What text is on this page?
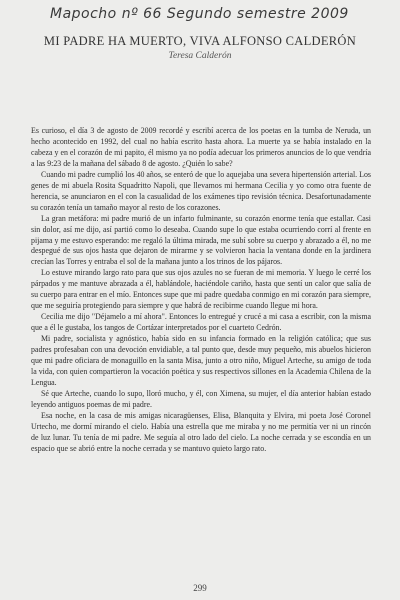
Mapocho nº 66 Segundo semestre 2009
MI PADRE HA MUERTO, VIVA ALFONSO CALDERÓN
Teresa Calderón

Es curioso, el día 3 de agosto de 2009 recordé y escribí acerca de los poetas en la tumba de Neruda, un hecho acontecido en 1992, del cual no había escrito hasta ahora. La muerte ya se había instalado en la cabeza y en el corazón de mi papito, él mismo ya no podía adecuar los primeros anuncios de lo que vendría a las 9:23 de la mañana del sábado 8 de agosto. ¿Quién lo sabe?

Cuando mi padre cumplió los 40 años, se enteró de que lo aquejaba una severa hipertensión arterial. Los genes de mi abuela Rosita Squadritto Napoli, que llevamos mi hermana Cecilia y yo como otra fuente de herencia, se anunciaron en el con la casualidad de los exámenes tipo revisión técnica. Desafortunadamente su corazón tenía un tamaño mayor al resto de los corazones.

La gran metáfora: mi padre murió de un infarto fulminante, su corazón enorme tenía que estallar. Casi sin dolor, así me dijo, así partió como lo deseaba. Cuando supe lo que estaba ocurriendo corrí al frente en pijama y me estuvo esperando: me regaló la última mirada, me subí sobre su cuerpo y abrazado a él, no me despegué de sus ojos hasta que dejaron de mirarme y se volvieron hacia la ventana donde en la jardinera crecían las Torres y entraba el sol de la mañana junto a los trinos de los pájaros.

Lo estuve mirando largo rato para que sus ojos azules no se fueran de mi memoria. Y luego le cerré los párpados y me mantuve abrazada a él, hablándole, haciéndole cariño, hasta que sentí un calor que salía de su cuerpo para entrar en el mío. Entonces supe que mi padre quedaba conmigo en mi corazón para siempre, que me seguiría protegiendo para siempre y que habrá de recibirme cuando llegue mi hora.

Cecilia me dijo "Déjamelo a mí ahora". Entonces lo entregué y crucé a mi casa a escribir, con la misma que a él le gustaba, los tangos de Cortázar interpretados por el cuarteto Cedrón.

Mi padre, socialista y agnóstico, había sido en su infancia formado en la religión católica; que sus padres profesaban con una devoción envidiable, a tal punto que, desde muy pequeño, mis abuelos hicieron que mi padre oficiara de monaguillo en la santa Misa, junto a otro niño, Miguel Arteche, su amigo de toda la vida, con quien compartieron la vocación poética y sus respectivos sillones en la Academia Chilena de la Lengua.

Sé que Arteche, cuando lo supo, lloró mucho, y él, con Ximena, su mujer, el día anterior habían estado leyendo antiguos poemas de mi padre.

Esa noche, en la casa de mis amigas nicaragüenses, Elisa, Blanquita y Elvira, mi poeta José Coronel Urtecho, me dormí mirando el cielo. Había una estrella que me miraba y no me permitía ver ni un rincón de luz lunar. Tu tenía de mi padre. Me seguía al otro lado del cielo. La noche cerrada y se escondía en un espacio que se abrió entre la noche cerrada y se mantuvo quieto largo rato.

299
